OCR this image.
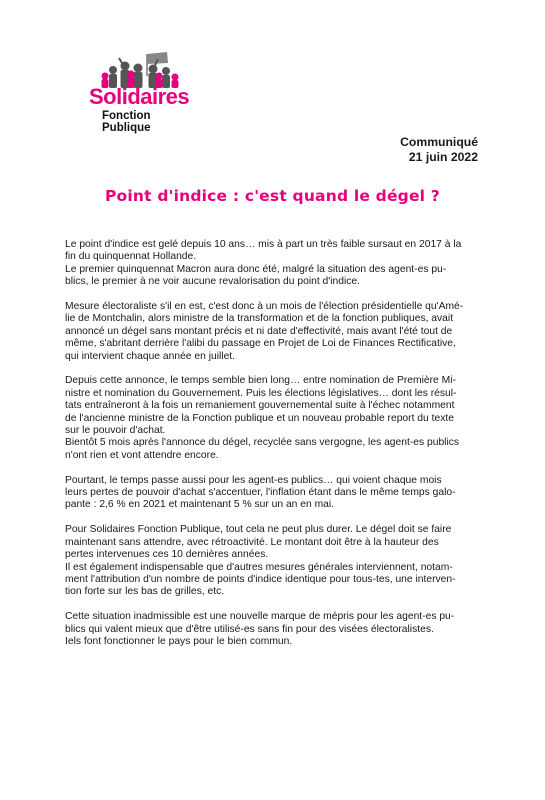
Solidaires
Fonction Publique
Communiqué
21 juin 2022
Point d'indice : c'est quand le dégel ?

Le point d'indice est gelé depuis 10 ans… mis à part un très faible sursaut en 2017 à la
fin du quinquennat Hollande.
Le premier quinquennat Macron aura donc été, malgré la situation des agent-es pu-
blics, le premier à ne voir aucune revalorisation du point d'indice.

Mesure électoraliste s'il en est, c'est donc à un mois de l'élection présidentielle qu'Amé-
lie de Montchalin, alors ministre de la transformation et de la fonction publiques, avait
annoncé un dégel sans montant précis et ni date d'effectivité, mais avant l'été tout de
même, s'abritant derrière l'alibi du passage en Projet de Loi de Finances Rectificative,
qui intervient chaque année en juillet.

Depuis cette annonce, le temps semble bien long… entre nomination de Première Mi-
nistre et nomination du Gouvernement. Puis les élections législatives… dont les résul-
tats entraîneront à la fois un remaniement gouvernemental suite à l'échec notamment
de l'ancienne ministre de la Fonction publique et un nouveau probable report du texte
sur le pouvoir d'achat.
Bientôt 5 mois après l'annonce du dégel, recyclée sans vergogne, les agent-es publics
n'ont rien et vont attendre encore.

Pourtant, le temps passe aussi pour les agent-es publics… qui voient chaque mois
leurs pertes de pouvoir d'achat s'accentuer, l'inflation étant dans le même temps galo-
pante : 2,6 % en 2021 et maintenant 5 % sur un an en mai.

Pour Solidaires Fonction Publique, tout cela ne peut plus durer. Le dégel doit se faire
maintenant sans attendre, avec rétroactivité. Le montant doit être à la hauteur des
pertes intervenues ces 10 dernières années.
Il est également indispensable que d'autres mesures générales interviennent, notam-
ment l'attribution d'un nombre de points d'indice identique pour tous-tes, une interven-
tion forte sur les bas de grilles, etc.

Cette situation inadmissible est une nouvelle marque de mépris pour les agent-es pu-
blics qui valent mieux que d'être utilisé-es sans fin pour des visées électoralistes.
Iels font fonctionner le pays pour le bien commun.
